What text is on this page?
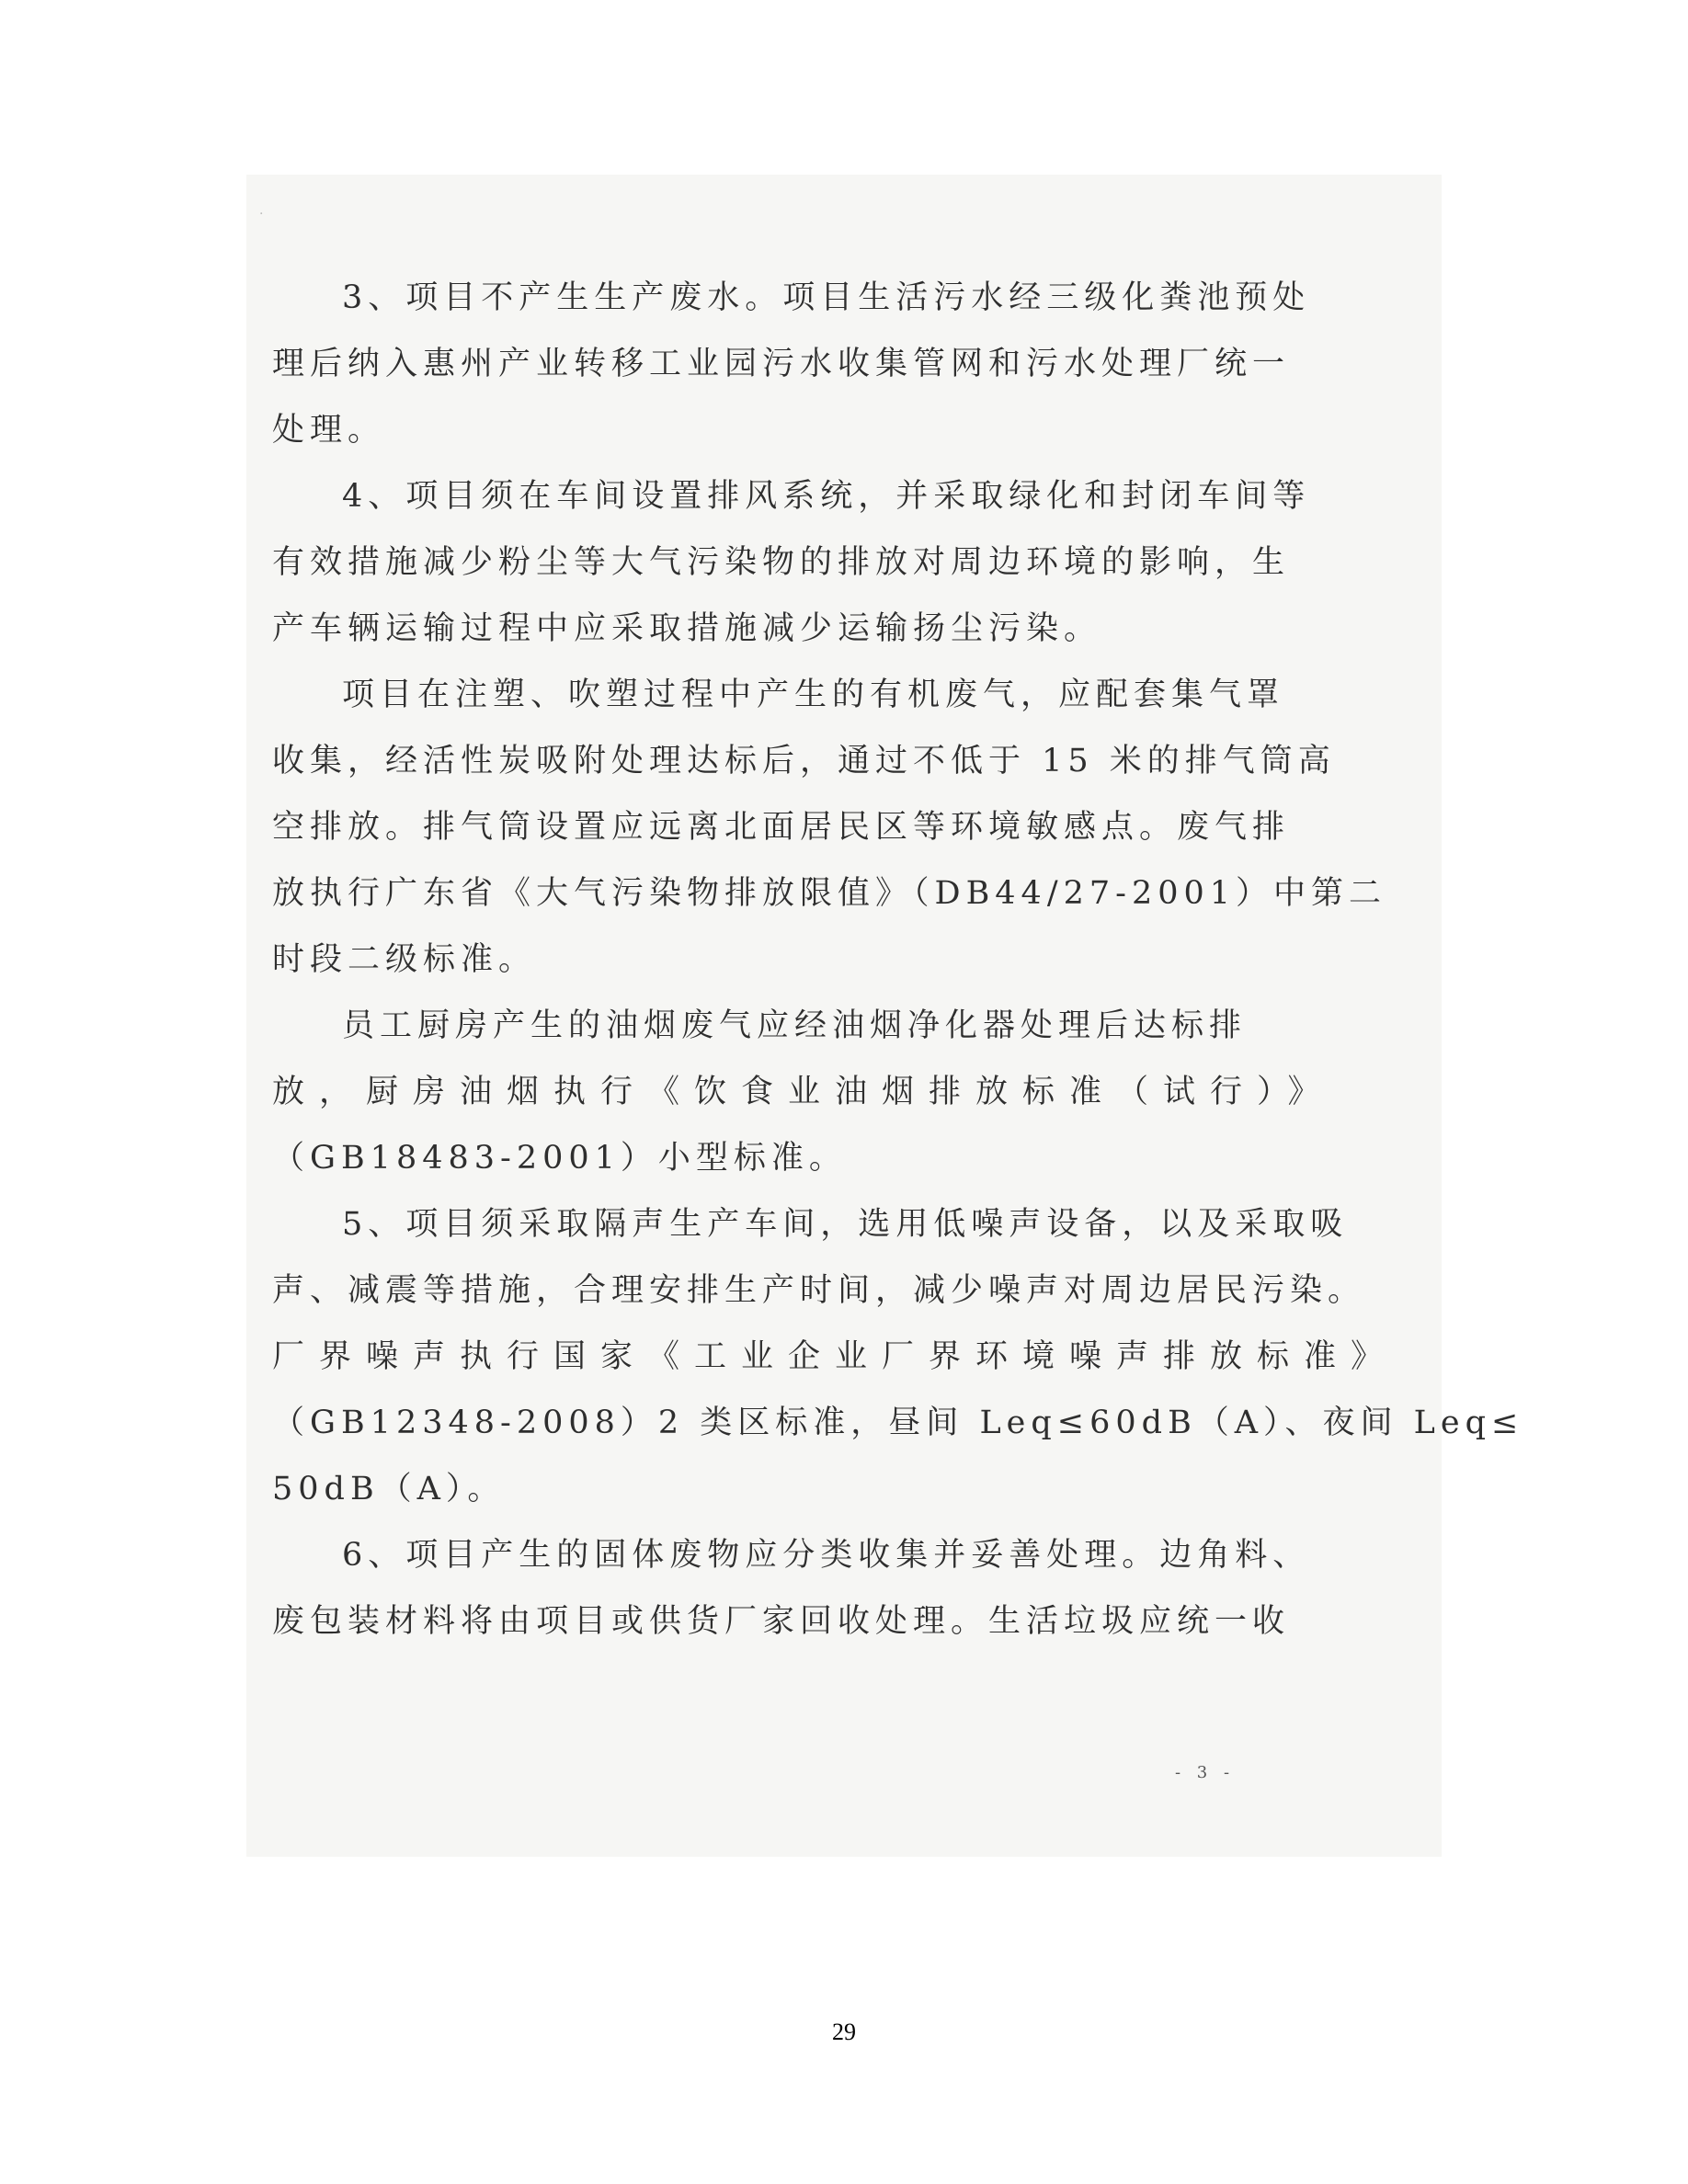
·
3、项目不产生生产废水。项目生活污水经三级化粪池预处
理后纳入惠州产业转移工业园污水收集管网和污水处理厂统一
处理。
4、项目须在车间设置排风系统，并采取绿化和封闭车间等
有效措施减少粉尘等大气污染物的排放对周边环境的影响，生
产车辆运输过程中应采取措施减少运输扬尘污染。
项目在注塑、吹塑过程中产生的有机废气，应配套集气罩
收集，经活性炭吸附处理达标后，通过不低于 15 米的排气筒高
空排放。排气筒设置应远离北面居民区等环境敏感点。废气排
放执行广东省《大气污染物排放限值》（DB44/27-2001）中第二
时段二级标准。
员工厨房产生的油烟废气应经油烟净化器处理后达标排
放，厨房油烟执行《饮食业油烟排放标准（试行）》
（GB18483-2001）小型标准。
5、项目须采取隔声生产车间，选用低噪声设备，以及采取吸
声、减震等措施，合理安排生产时间，减少噪声对周边居民污染。
厂界噪声执行国家《工业企业厂界环境噪声排放标准》
（GB12348-2008）2 类区标准，昼间 Leq≤60dB（A）、夜间 Leq≤
50dB（A）。
6、项目产生的固体废物应分类收集并妥善处理。边角料、
废包装材料将由项目或供货厂家回收处理。生活垃圾应统一收
- 3 -
29
